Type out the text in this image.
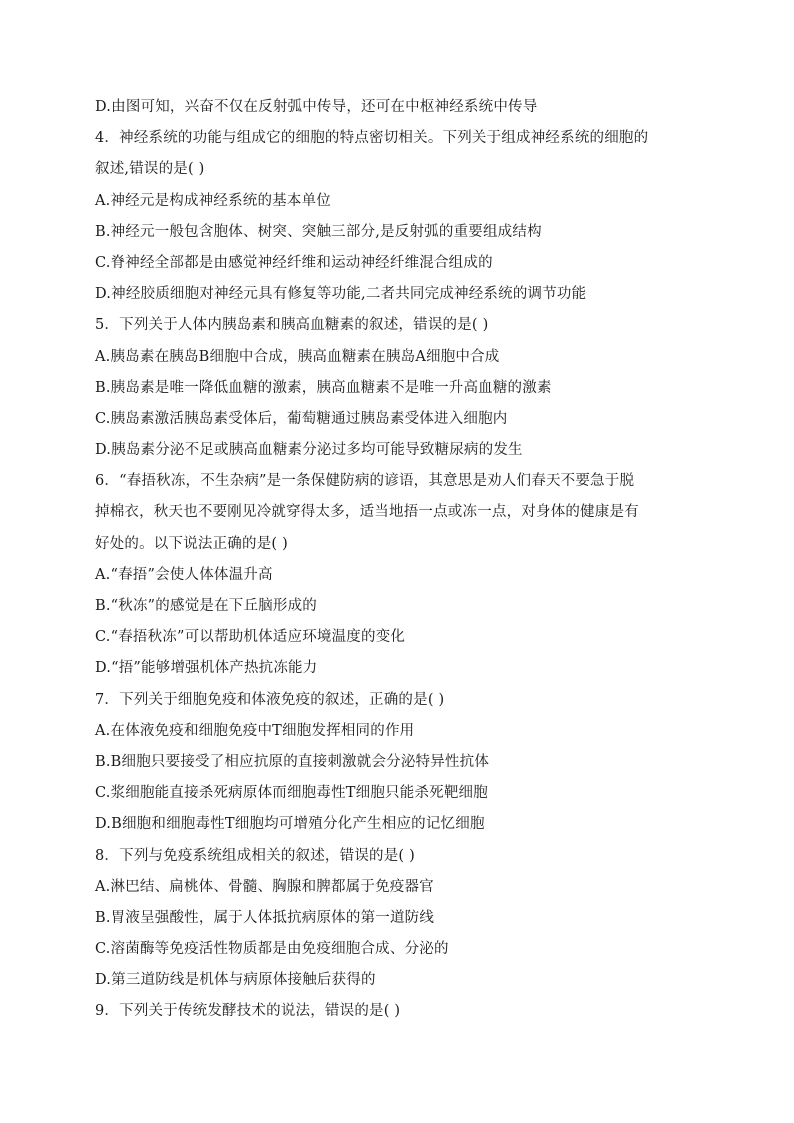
D.由图可知，兴奋不仅在反射弧中传导，还可在中枢神经系统中传导
4．神经系统的功能与组成它的细胞的特点密切相关。下列关于组成神经系统的细胞的
叙述,错误的是( )
A.神经元是构成神经系统的基本单位
B.神经元一般包含胞体、树突、突触三部分,是反射弧的重要组成结构
C.脊神经全部都是由感觉神经纤维和运动神经纤维混合组成的
D.神经胶质细胞对神经元具有修复等功能,二者共同完成神经系统的调节功能
5．下列关于人体内胰岛素和胰高血糖素的叙述，错误的是( )
A.胰岛素在胰岛B细胞中合成，胰高血糖素在胰岛A细胞中合成
B.胰岛素是唯一降低血糖的激素，胰高血糖素不是唯一升高血糖的激素
C.胰岛素激活胰岛素受体后，葡萄糖通过胰岛素受体进入细胞内
D.胰岛素分泌不足或胰高血糖素分泌过多均可能导致糖尿病的发生
6．“春捂秋冻，不生杂病”是一条保健防病的谚语，其意思是劝人们春天不要急于脱
掉棉衣，秋天也不要刚见冷就穿得太多，适当地捂一点或冻一点，对身体的健康是有
好处的。以下说法正确的是( )
A.“春捂”会使人体体温升高
B.“秋冻”的感觉是在下丘脑形成的
C.“春捂秋冻”可以帮助机体适应环境温度的变化
D.“捂”能够增强机体产热抗冻能力
7．下列关于细胞免疫和体液免疫的叙述，正确的是( )
A.在体液免疫和细胞免疫中T细胞发挥相同的作用
B.B细胞只要接受了相应抗原的直接刺激就会分泌特异性抗体
C.浆细胞能直接杀死病原体而细胞毒性T细胞只能杀死靶细胞
D.B细胞和细胞毒性T细胞均可增殖分化产生相应的记忆细胞
8．下列与免疫系统组成相关的叙述，错误的是( )
A.淋巴结、扁桃体、骨髓、胸腺和脾都属于免疫器官
B.胃液呈强酸性，属于人体抵抗病原体的第一道防线
C.溶菌酶等免疫活性物质都是由免疫细胞合成、分泌的
D.第三道防线是机体与病原体接触后获得的
9．下列关于传统发酵技术的说法，错误的是( )
